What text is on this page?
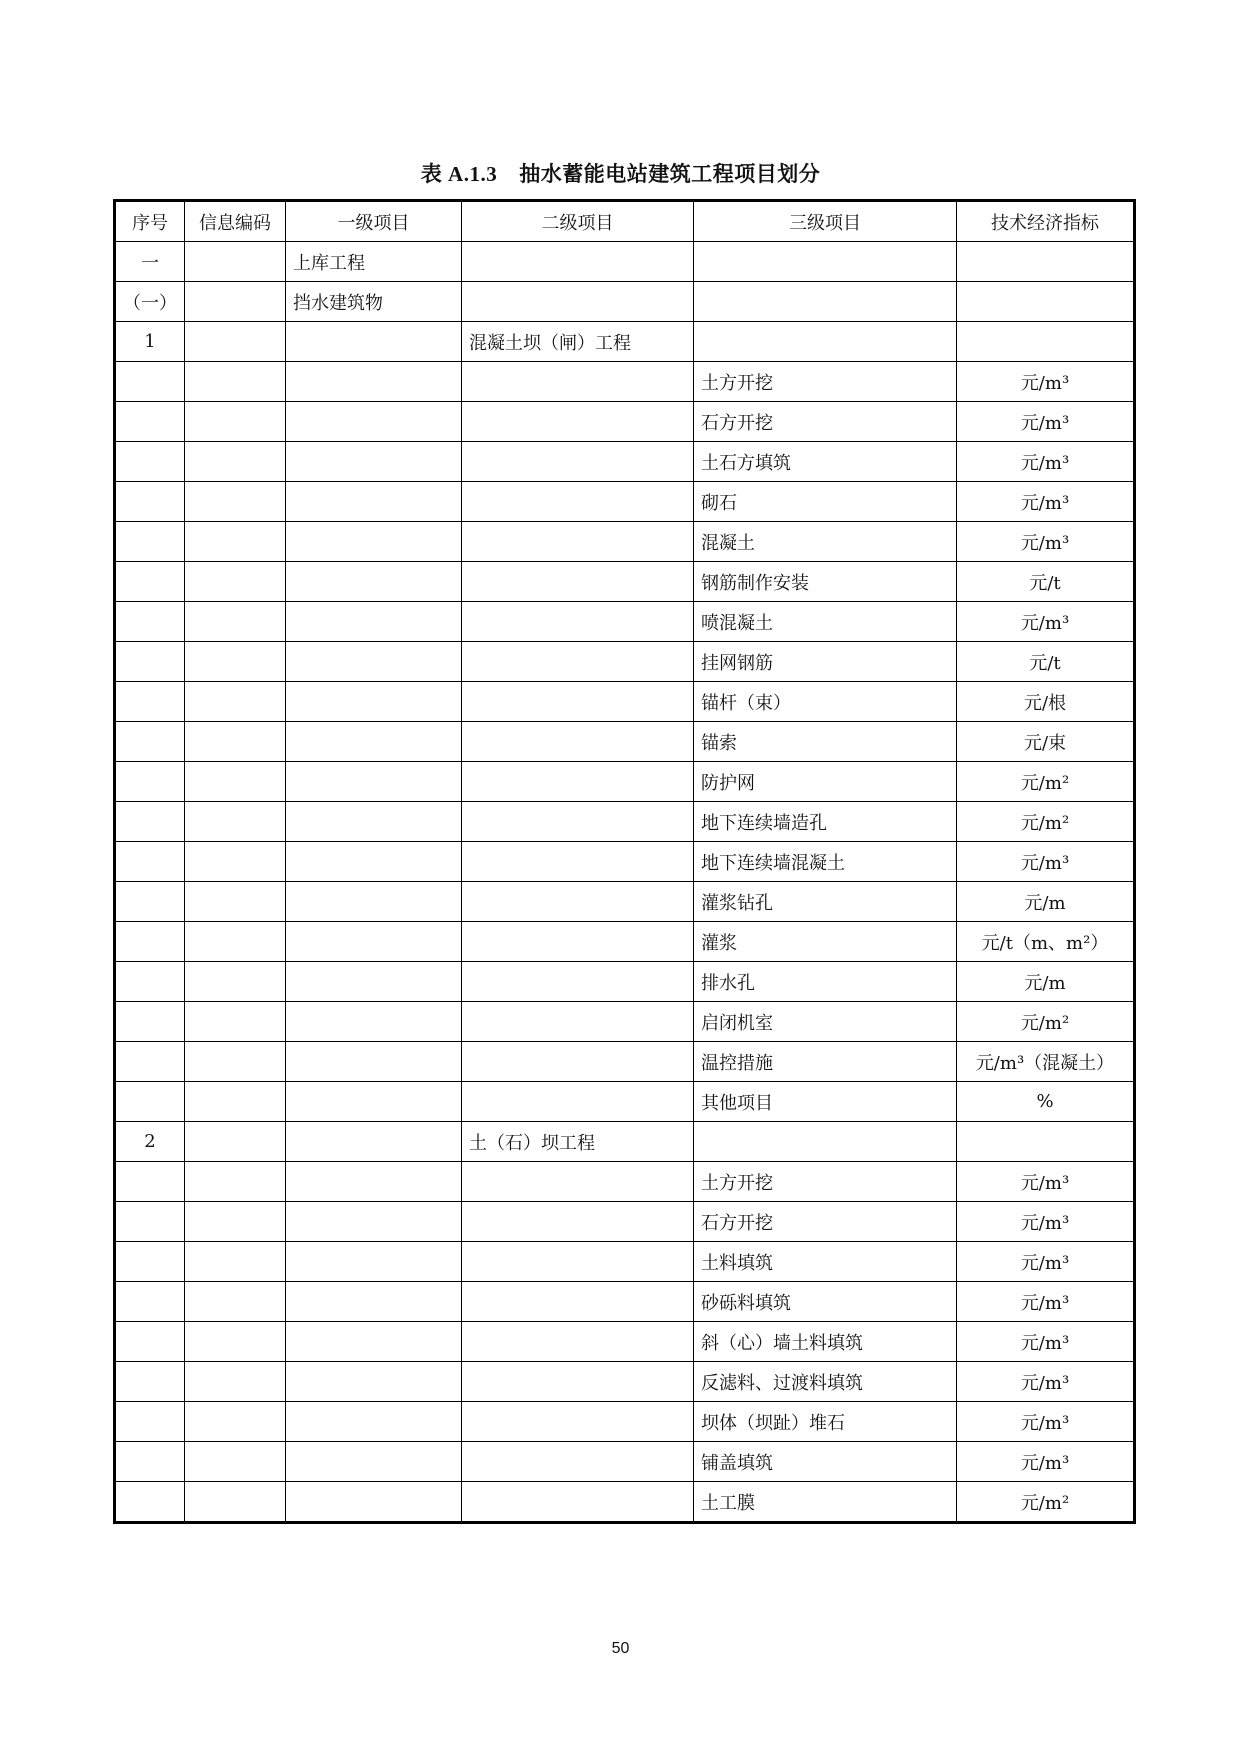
表 A.1.3 抽水蓄能电站建筑工程项目划分
序号	信息编码	一级项目	二级项目	三级项目	技术经济指标
一		上库工程			
（一）		挡水建筑物			
1			混凝土坝（闸）工程		
				土方开挖	元/m³
				石方开挖	元/m³
				土石方填筑	元/m³
				砌石	元/m³
				混凝土	元/m³
				钢筋制作安装	元/t
				喷混凝土	元/m³
				挂网钢筋	元/t
				锚杆（束）	元/根
				锚索	元/束
				防护网	元/m²
				地下连续墙造孔	元/m²
				地下连续墙混凝土	元/m³
				灌浆钻孔	元/m
				灌浆	元/t（m、m²）
				排水孔	元/m
				启闭机室	元/m²
				温控措施	元/m³（混凝土）
				其他项目	%
2			土（石）坝工程		
				土方开挖	元/m³
				石方开挖	元/m³
				土料填筑	元/m³
				砂砾料填筑	元/m³
				斜（心）墙土料填筑	元/m³
				反滤料、过渡料填筑	元/m³
				坝体（坝趾）堆石	元/m³
				铺盖填筑	元/m³
				土工膜	元/m²
50
